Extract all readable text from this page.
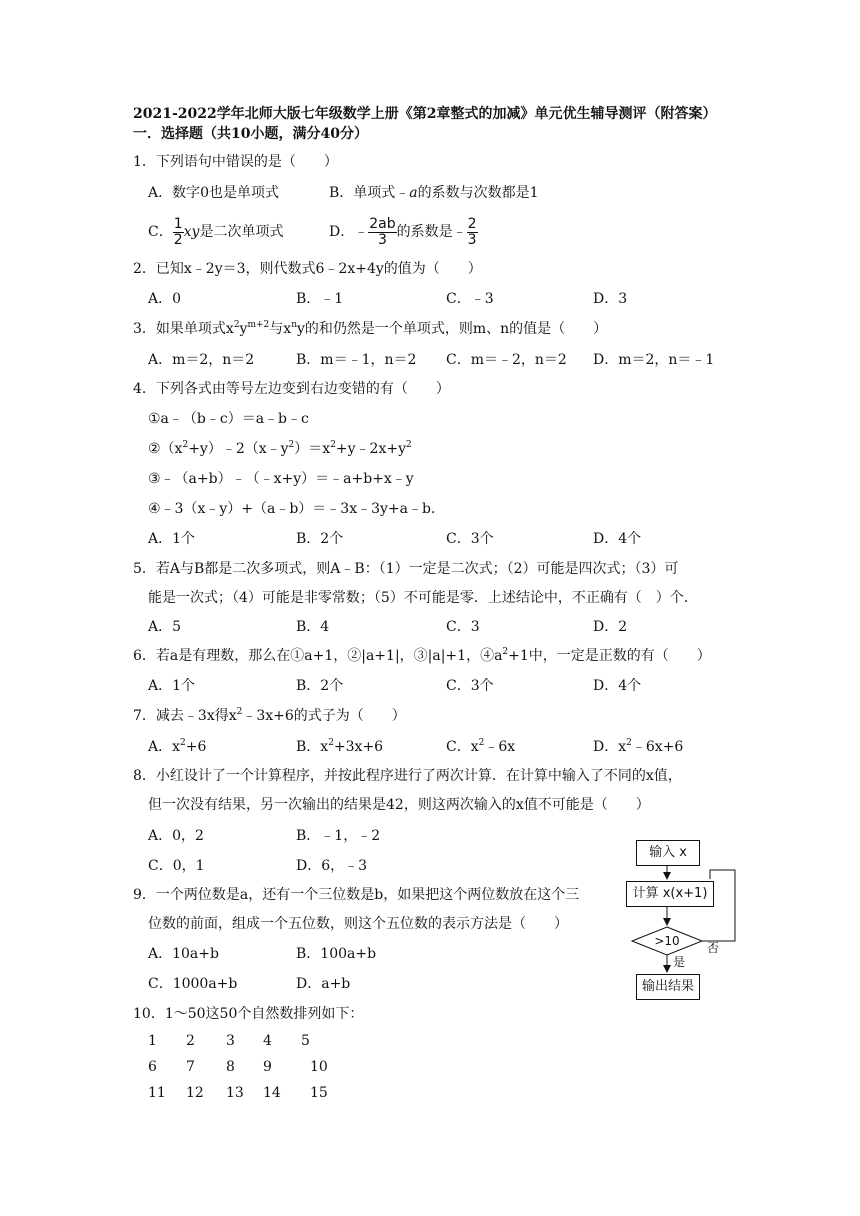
2021-2022学年北师大版七年级数学上册《第2章整式的加减》单元优生辅导测评（附答案）
一．选择题（共10小题，满分40分）
1．下列语句中错误的是（　　）
A．数字0也是单项式	B．单项式﹣a的系数与次数都是1
C． $\frac{1}{2}$ xy是二次单项式	D．﹣ $\frac{2ab}{3}$ 的系数是﹣ $\frac{2}{3}$
2．已知x﹣2y＝3，则代数式6﹣2x+4y的值为（　　）
A．0	B．﹣1	C．﹣3	D．3
3．如果单项式$x^2y^{m+2}$与$x^ny$的和仍然是一个单项式，则m、n的值是（　　）
A．m＝2，n＝2	B．m＝﹣1，n＝2 C．m＝﹣2，n＝2 D．m＝2，n＝﹣1
4．下列各式由等号左边变到右边变错的有（　　）
①a﹣（b﹣c）＝a﹣b﹣c
$②(x^2+y)﹣2(x﹣y^2)=x^2+y﹣2x+y^2$
③﹣（a+b）﹣（﹣x+y）＝﹣a+b+x﹣y
④﹣3（x﹣y）+（a﹣b）＝﹣3x﹣3y+a﹣b．
A．1个	B．2个	C．3个	D．4个
5．若A与B都是二次多项式，则A﹣B：（1）一定是二次式；（2）可能是四次式；（3）可
能是一次式；（4）可能是非零常数；（5）不可能是零．上述结论中，不正确有（　）个．
A．5	B．4	C．3	D．2
6．若a是有理数，那么在①a+1，②|a+1|，③|a|+1，$④a^2+1$中，一定是正数的有（　　）
A．1个	B．2个	C．3个	D．4个
7．减去﹣3x得$x^2﹣3x+6$的式子为（　　）
A．$x^2+6$	B．$x^2+3x+6$	C．$x^2﹣6x$	D．$x^2﹣6x+6$
8．小红设计了一个计算程序，并按此程序进行了两次计算．在计算中输入了不同的x值，
但一次没有结果，另一次输出的结果是42，则这两次输入的x值不可能是（　　）
A．0，2	B．﹣1，﹣2
C．0，1	D．6，﹣3
9．一个两位数是a，还有一个三位数是b，如果把这个两位数放在这个三
位数的前面，组成一个五位数，则这个五位数的表示方法是（　　）
A．10a+b	B．100a+b
C．1000a+b	D．a+b
输入 x
计算 x(x+1)
>10 否
是
输出结果
10．1～50这50个自然数排列如下：
1 2 3 4 5
6 7 8 9	10
11 12 13 14 15
